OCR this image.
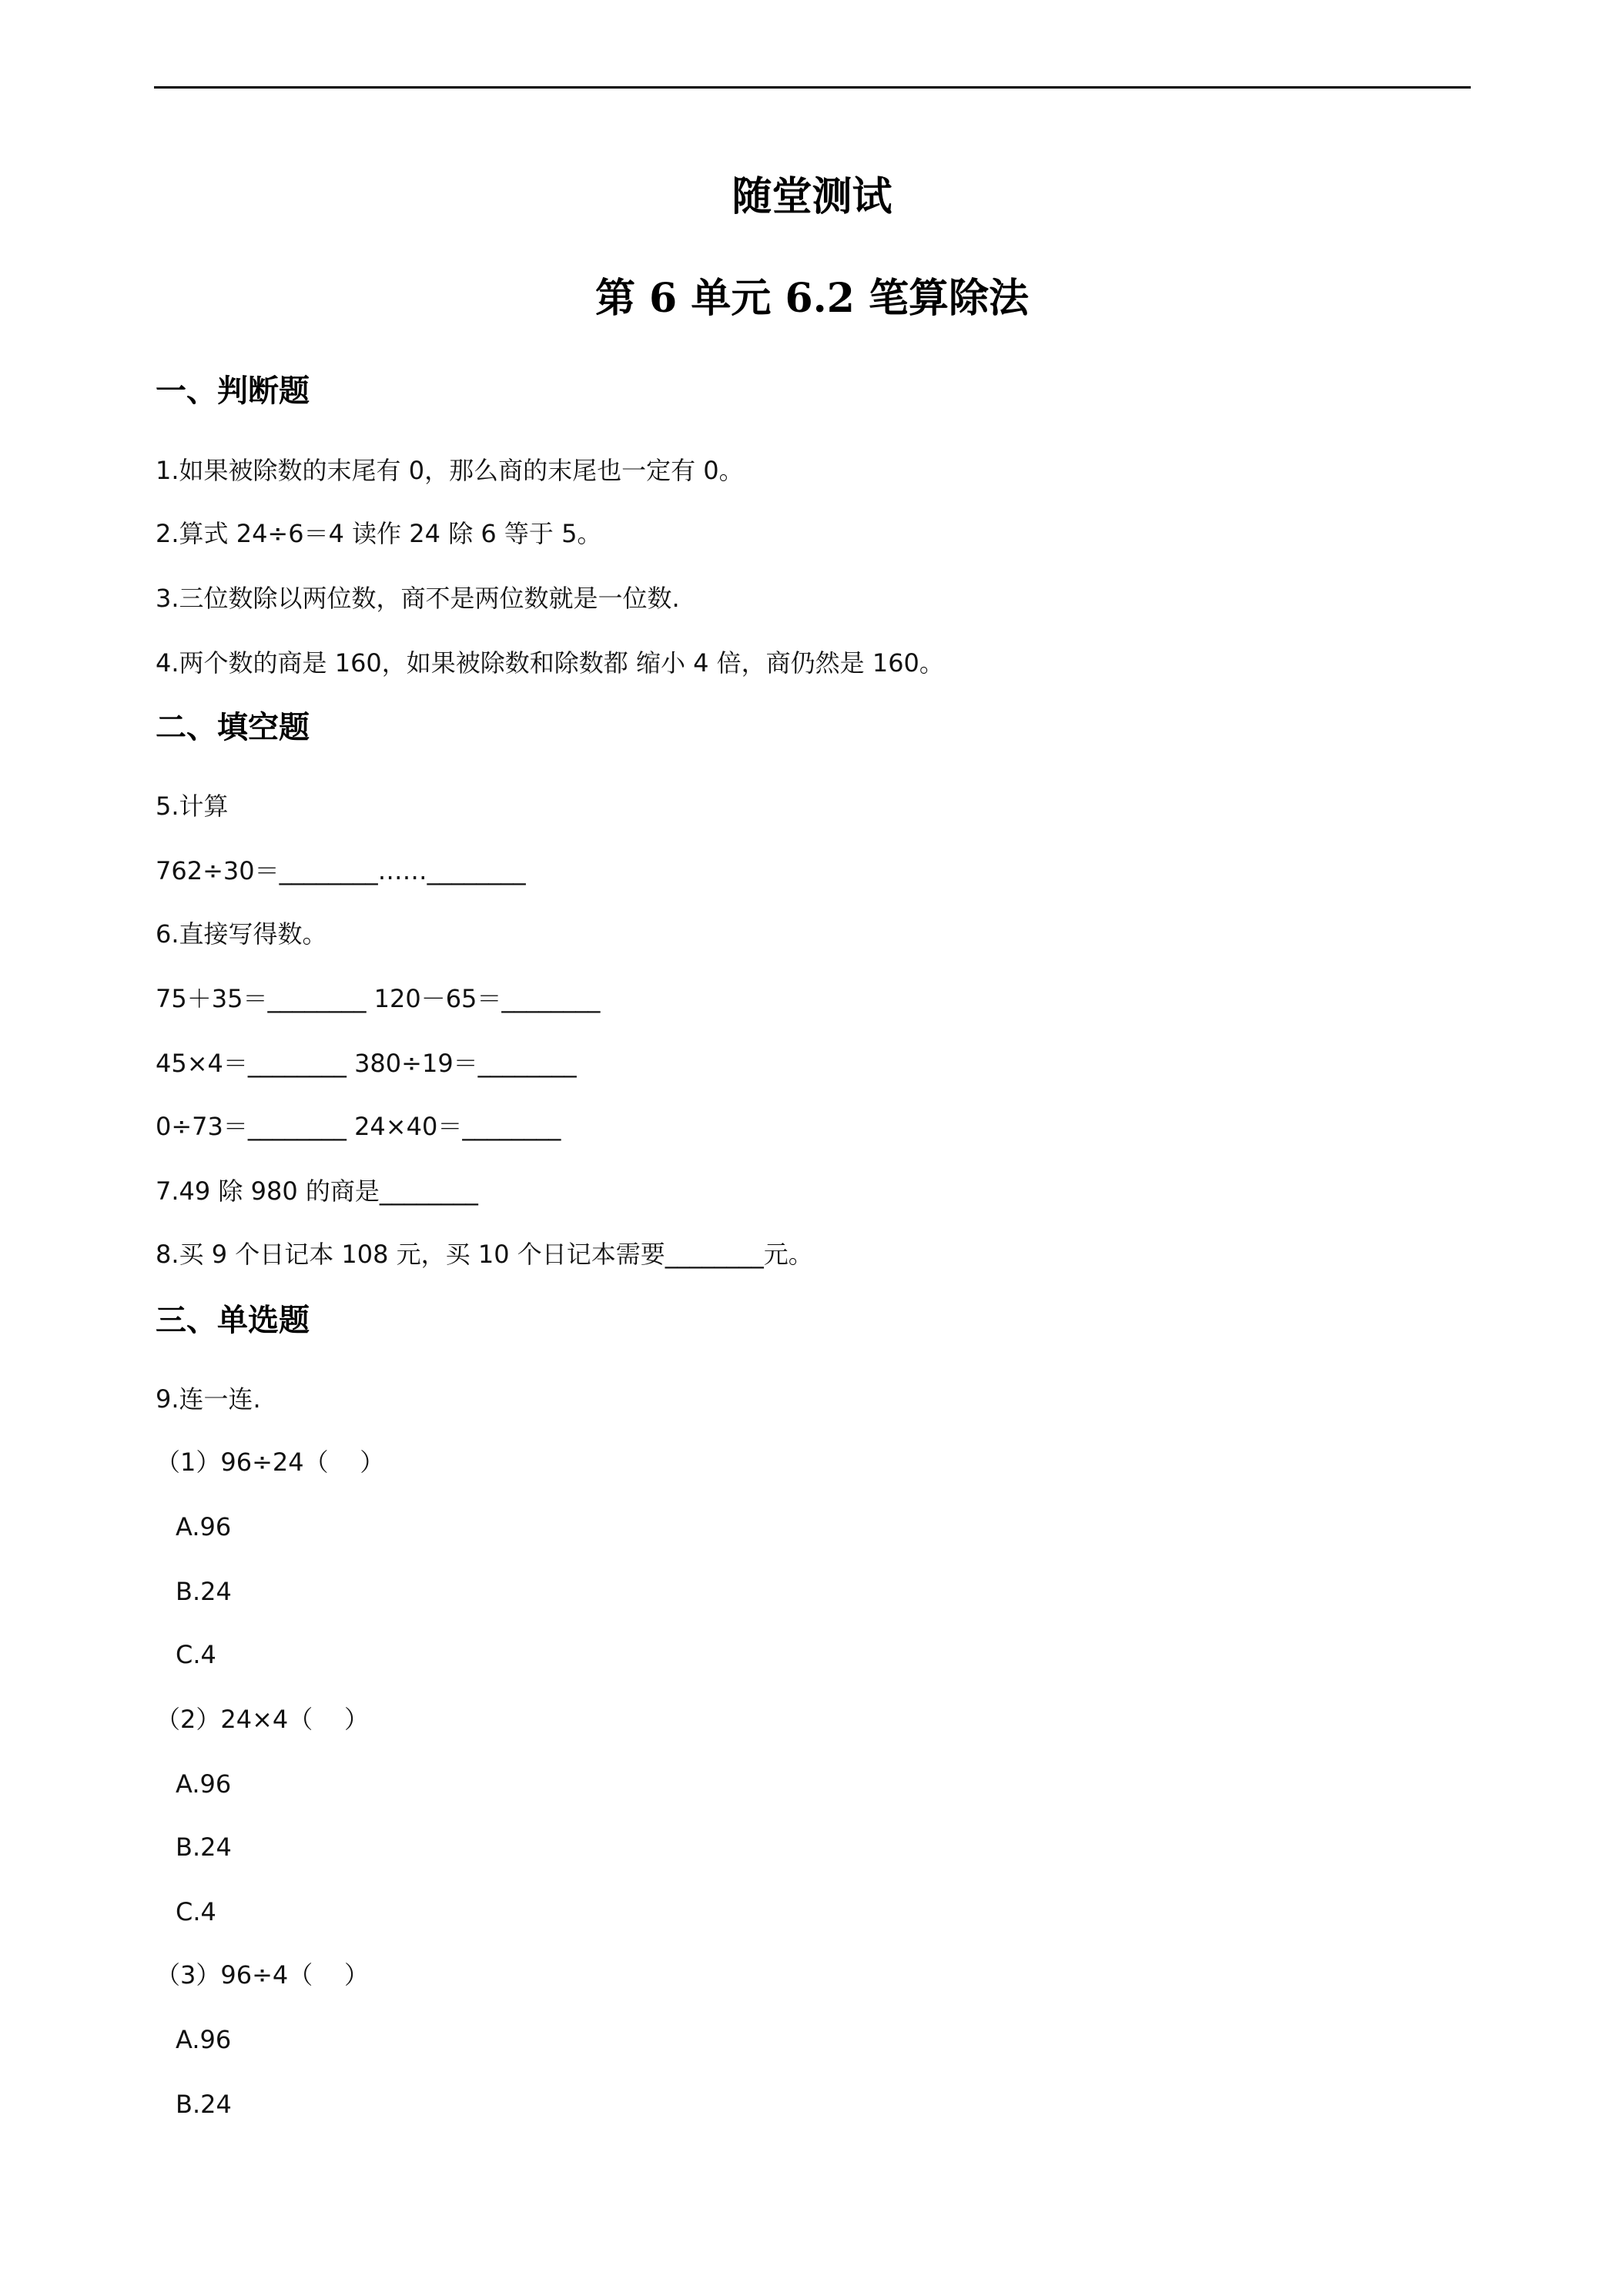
随堂测试
第 6 单元 6.2 笔算除法
一、判断题
1.如果被除数的末尾有 0，那么商的末尾也一定有 0。
2.算式 24÷6＝4 读作 24 除 6 等于 5。
3.三位数除以两位数，商不是两位数就是一位数.
4.两个数的商是 160，如果被除数和除数都 缩小 4 倍，商仍然是 160。
二、填空题
5.计算
762÷30＝________……________
6.直接写得数。
75＋35＝________ 120－65＝________
45×4＝________ 380÷19＝________
0÷73＝________ 24×40＝________
7.49 除 980 的商是________
8.买 9 个日记本 108 元，买 10 个日记本需要________元。
三、单选题
9.连一连.
（1）96÷24（    ）
A.96
B.24
C.4
（2）24×4（    ）
A.96
B.24
C.4
（3）96÷4（    ）
A.96
B.24
